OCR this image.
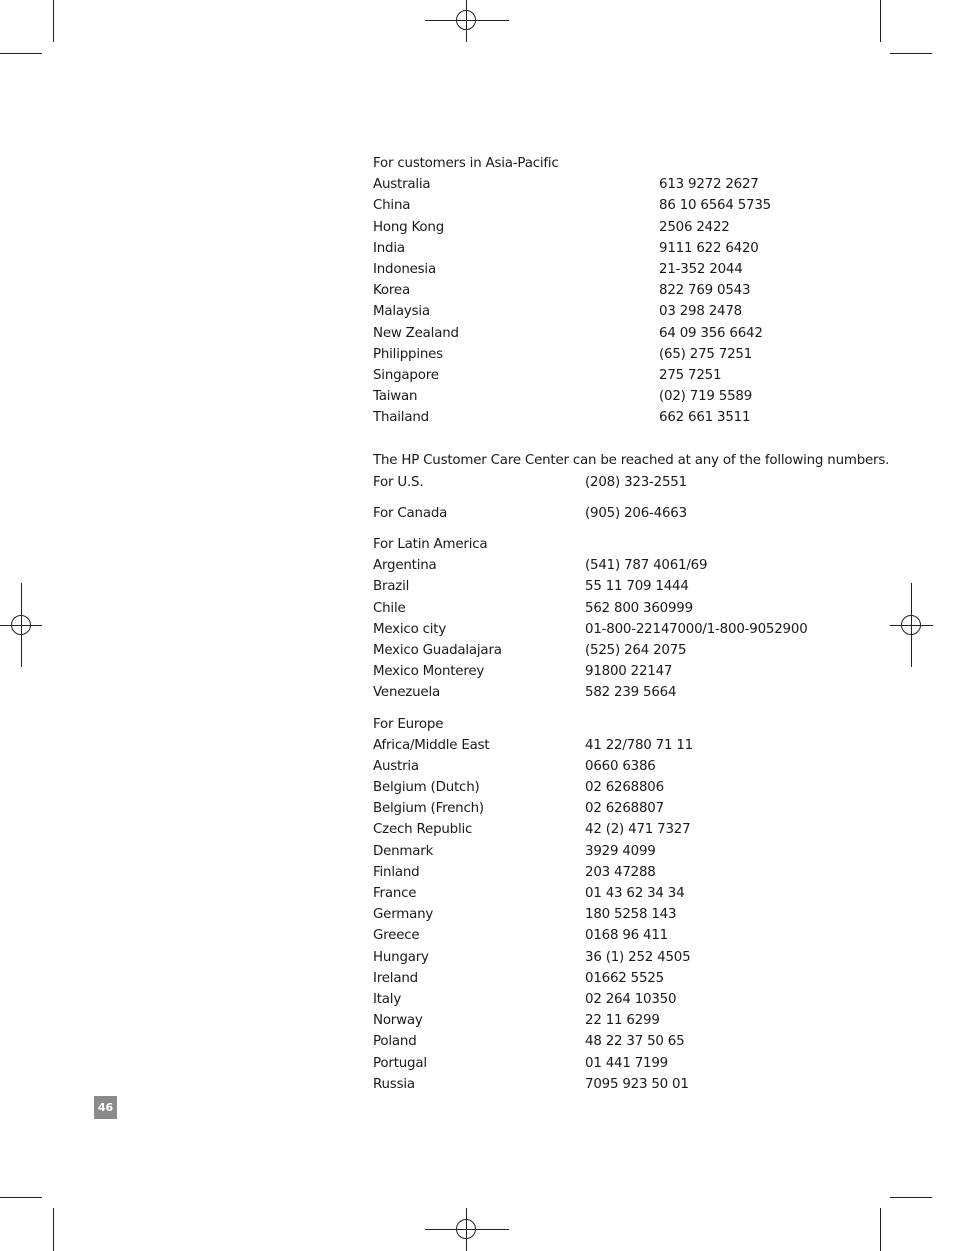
For customers in Asia-Pacific
Australia	613 9272 2627
China	86 10 6564 5735
Hong Kong	2506 2422
India	9111 622 6420
Indonesia	21-352 2044
Korea	822 769 0543
Malaysia	03 298 2478
New Zealand	64 09 356 6642
Philippines	(65) 275 7251
Singapore	275 7251
Taiwan	(02) 719 5589
Thailand	662 661 3511
The HP Customer Care Center can be reached at any of the following numbers.
For U.S.	(208) 323-2551
For Canada	(905) 206-4663
For Latin America
Argentina	(541) 787 4061/69
Brazil	55 11 709 1444
Chile	562 800 360999
Mexico city	01-800-22147000/1-800-9052900
Mexico Guadalajara	(525) 264 2075
Mexico Monterey	91800 22147
Venezuela	582 239 5664
For Europe
Africa/Middle East	41 22/780 71 11
Austria	0660 6386
Belgium (Dutch)	02 6268806
Belgium (French)	02 6268807
Czech Republic	42 (2) 471 7327
Denmark	3929 4099
Finland	203 47288
France	01 43 62 34 34
Germany	180 5258 143
Greece	0168 96 411
Hungary	36 (1) 252 4505
Ireland	01662 5525
Italy	02 264 10350
Norway	22 11 6299
Poland	48 22 37 50 65
Portugal	01 441 7199
Russia	7095 923 50 01
46
